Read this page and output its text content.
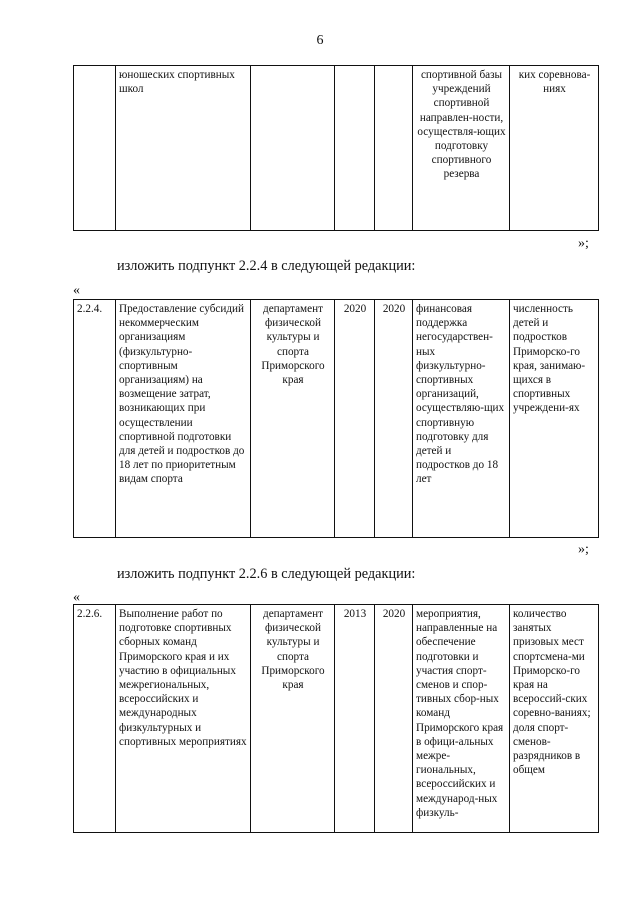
6
	юношеских спортивных школ				спортивной базы учреждений спортивной направлен-ности, осуществля-ющих подготовку спортивного резерва	ких соревнова-ниях
»;
изложить подпункт 2.2.4 в следующей редакции:
«
2.2.4.	Предоставление субсидий некоммерческим организациям (физкультурно-спортивным организациям) на возмещение затрат, возникающих при осуществлении спортивной подготовки для детей и подростков до 18 лет по приоритетным видам спорта	департамент физической культуры и спорта Приморского края	2020	2020	финансовая поддержка негосударствен-ных физкультурно-спортивных организаций, осуществляю-щих спортивную подготовку для детей и подростков до 18 лет	численность детей и подростков Приморско-го края, занимаю-щихся в спортивных учреждени-ях
»;
изложить подпункт 2.2.6 в следующей редакции:
«
2.2.6.	Выполнение работ по подготовке спортивных сборных команд Приморского края и их участию в официальных межрегиональных, всероссийских и международных физкультурных и спортивных мероприятиях	департамент физической культуры и спорта Приморского края	2013	2020	мероприятия, направленные на обеспечение подготовки и участия спорт-сменов и спор-тивных сбор-ных команд Приморского края в офици-альных межре-гиональных, всероссийских и международ-ных физкуль-	количество занятых призовых мест спортсмена-ми Приморско-го края на всероссий-ских соревно-ваниях; доля спорт-сменов-разрядников в общем
